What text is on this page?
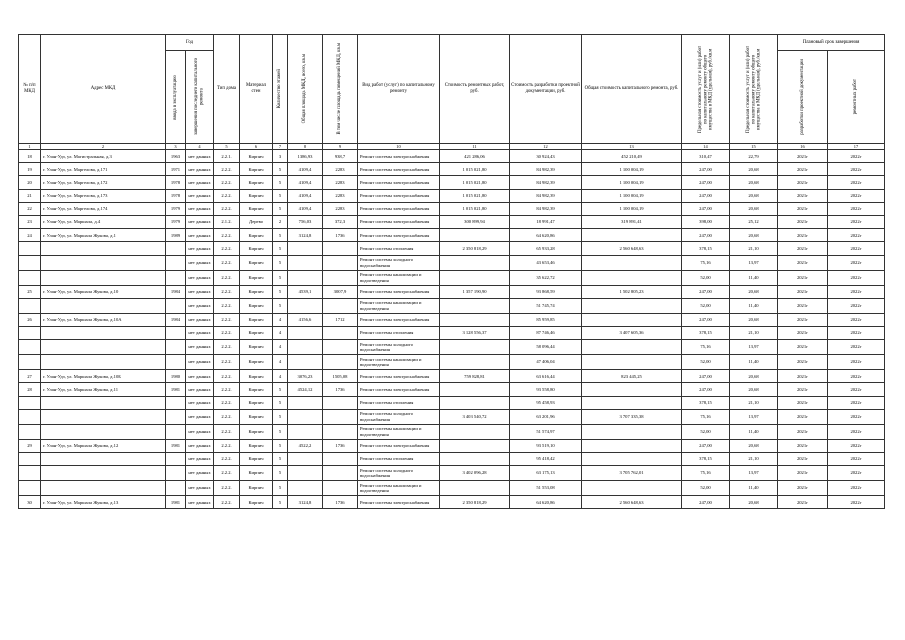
№ п/п МКД	Адрес МКД	Год		Тип дома	Материал стен	Количество этажей	Общая площадь МКД, всего, кв.м	В том числе площадь помещений МКД, кв.м	Вид работ (услуг) по капитальному ремонту	Стоимость ремонтных работ, руб.	Стоимость разработки проектной документации, руб.	Общая стоимость капитального ремонта, руб.	Предельная стоимость услуг и (или) работ по капитальному ремонту общего имущества в МКД (удельная), руб./кв.м	Предельная стоимость услуг и (или) работ по капитальному ремонту общего имущества в МКД (удельная), руб./кв.м	Плановый срок завершения	

		ввода в эксплуатацию	завершения последнего капитального ремонта												разработки проектной документации	ремонтных работ

1	2	3	4	5	6	7	8	9	10	11	12	13	14	15	16	17
18	г. Улан-Удэ, ул. Магистральная, д.3	1963	нет данных	2.2.1.	Кирпич	3	1386,93	938,7	Ремонт системы электроснабжения	421 286,06	30 924,43	452 210,49	310,47	22,79	2021г	2022г
19	г. Улан-Удэ, ул. Маргелова, д.171	1971	нет данных	2.2.2.	Кирпич	5	4109,4	2283	Ремонт системы электроснабжения	1 015 021,80	84 982,39	1 100 004,19	247,00	20,68	2021г	2022г
20	г. Улан-Удэ, ул. Маргелова, д.172	1978	нет данных	2.2.2.	Кирпич	5	4109,4	2283	Ремонт системы электроснабжения	1 015 021,80	84 982,39	1 100 004,19	247,00	20,68	2021г	2022г
21	г. Улан-Удэ, ул. Маргелова, д.173	1978	нет данных	2.2.2.	Кирпич	5	4109,4	2283	Ремонт системы электроснабжения	1 015 021,80	84 982,39	1 100 004,19	247,00	20,68	2021г	2022г
22	г. Улан-Удэ, ул. Маргелова, д.174	1979	нет данных	2.2.2.	Кирпич	5	4109,4	2283	Ремонт системы электроснабжения	1 015 021,80	84 982,39	1 100 004,19	247,00	20,68	2021г	2022г
23	г. Улан-Удэ, ул. Маршала, д.4	1979	нет данных	2.1.2.	Дерево	2	756,03	372,3	Ремонт системы электроснабжения	300 899,94	18 991,47	319 891,41	398,00	25,12	2021г	2022г
24	г. Улан-Удэ, ул. Маршала Жукова, д.1	1989	нет данных	2.2.2.	Кирпич	5	3124,8	1736	Ремонт системы электроснабжения		64 620,86		247,00	20,68	2021г	2022г
			нет данных	2.2.2.	Кирпич	5			Ремонт системы отопления	2 350 818,29	65 933,28	2 560 648,63	378,15	21,10	2021г	2022г
			нет данных	2.2.2.	Кирпич	5			Ремонт системы холодного водоснабжения		43 653,46		75,16	13,97	2021г	2022г
			нет данных	2.2.2.	Кирпич	5			Ремонт системы канализации и водоотведения		35 622,72		52,00	11,40	2021г	2022г
25	г. Улан-Удэ, ул. Маршала Жукова, д.10	1984	нет данных	2.2.2.	Кирпич	5	4539,1	3007,9	Ремонт системы электроснабжения	1 357 190,90	93 868,59	1 502 805,23	247,00	20,68	2021г	2022г
			нет данных	2.2.2.	Кирпич	5			Ремонт системы канализации и водоотведения		51 745,74		52,00	11,40	2021г	2022г
26	г. Улан-Удэ, ул. Маршала Жукова, д.10А	1984	нет данных	2.2.2.	Кирпич	4	4156,6	1712	Ремонт системы электроснабжения		85 959,85		247,00	20,68	2021г	2022г
			нет данных	2.2.2.	Кирпич	4			Ремонт системы отопления	3 128 556,37	87 746,46	3 407 605,36	378,15	21,10	2021г	2022г
			нет данных	2.2.2.	Кирпич	4			Ремонт системы холодного водоснабжения		58 096,44		75,16	13,97	2021г	2022г
			нет данных	2.2.2.	Кирпич	4			Ремонт системы канализации и водоотведения		47 406,04		52,00	11,40	2021г	2022г
27	г. Улан-Удэ, ул. Маршала Жукова, д.10Б	1980	нет данных	2.2.2.	Кирпич	4	3076,23	1505,08	Ремонт системы электроснабжения	759 828,81	63 616,44	823 445,25	247,00	20,68	2021г	2022г
28	г. Улан-Удэ, ул. Маршала Жукова, д.11	1981	нет данных	2.2.2.	Кирпич	5	4524,12	1736	Ремонт системы электроснабжения		93 558,80		247,00	20,68	2021г	2022г
			нет данных	2.2.2.	Кирпич	5			Ремонт системы отопления		95 458,93		378,15	21,10	2021г	2022г
			нет данных	2.2.2.	Кирпич	5			Ремонт системы холодного водоснабжения	3 403 540,72	63 201,96	3 707 335,38	75,16	13,97	2021г	2022г
			нет данных	2.2.2.	Кирпич	5			Ремонт системы канализации и водоотведения		51 574,97		52,00	11,40	2021г	2022г
29	г. Улан-Удэ, ул. Маршала Жукова, д.12	1981	нет данных	2.2.2.	Кирпич	5	4522,2	1736	Ремонт системы электроснабжения		93 519,10		247,00	20,68	2021г	2022г
			нет данных	2.2.2.	Кирпич	5			Ремонт системы отопления		95 418,42		378,15	21,10	2021г	2022г
			нет данных	2.2.2.	Кирпич	5			Ремонт системы холодного водоснабжения	3 402 096,28	63 175,13	3 705 762,01	75,16	13,97	2021г	2022г
			нет данных	2.2.2.	Кирпич	5			Ремонт системы канализации и водоотведения		51 553,08		52,00	11,40	2021г	2022г
30	г. Улан-Удэ, ул. Маршала Жукова, д.13	1981	нет данных	2.2.2.	Кирпич	5	3124,8	1736	Ремонт системы электроснабжения	2 350 818,29	64 620,86	2 560 648,63	247,00	20,68	2021г	2022г
